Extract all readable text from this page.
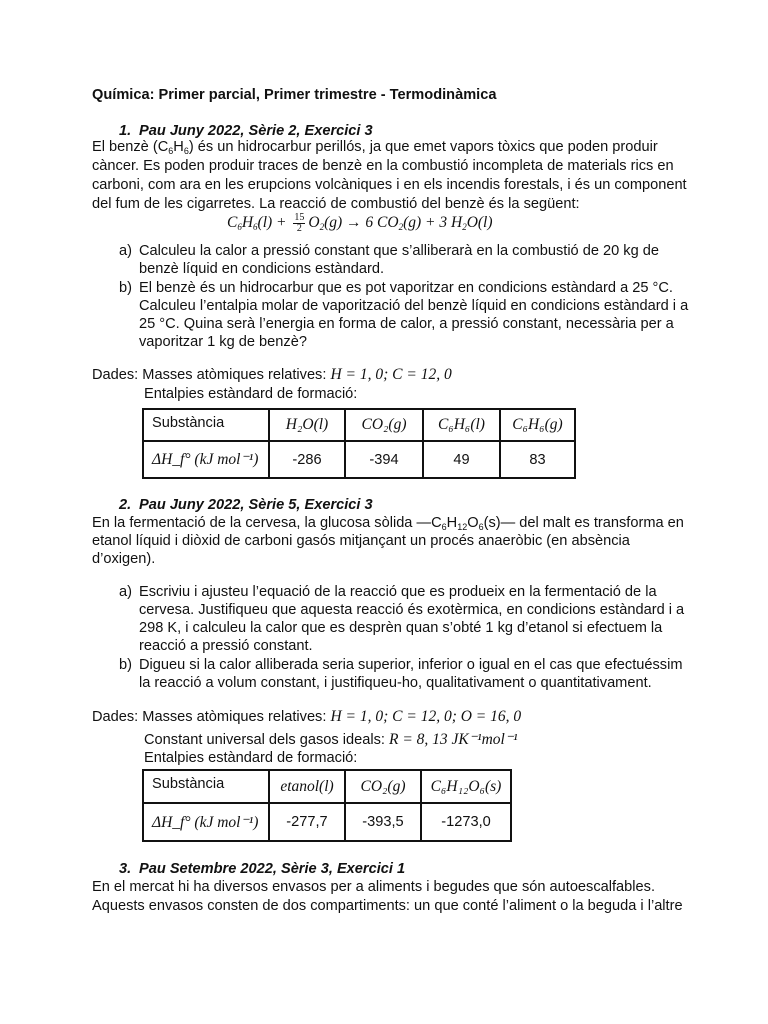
Química: Primer parcial, Primer trimestre - Termodinàmica
1. Pau Juny 2022, Sèrie 2, Exercici 3
El benzè $(C_6H_6)$ és un hidrocarbur perillós, ja que emet vapors tòxics que poden produir
càncer. Es poden produir traces de benzè en la combustió incompleta de materials rics en
carboni, com ara en les erupcions volcàniques i en els incendis forestals, i és un component
del fum de les cigarretes. La reacció de combustió del benzè és la següent:
$C_6H_6(l) + \frac{15}{2} O_2(g) \to 6$ $CO_2(g) + 3$ $H_2O(l)$
a) Calculeu la calor a pressió constant que s’alliberarà en la combustió de 20 kg de
benzè líquid en condicions estàndard.
b) El benzè és un hidrocarbur que es pot vaporitzar en condicions estàndard a 25 °C.
Calculeu l’entalpia molar de vaporització del benzè líquid en condicions estàndard i a
25 °C. Quina serà l’energia en forma de calor, a pressió constant, necessària per a
vaporitzar 1 kg de benzè?
Dades: Masses atòmiques relatives: H = 1, 0; C = 12, 0
Entalpies estàndard de formació:
Substància	H₂O(l)	CO₂(g)	C₆H₆(l)	C₆H₆(g)
ΔH_f° (kJ mol⁻¹)	-286	-394	49	83
2. Pau Juny 2022, Sèrie 5, Exercici 3
En la fermentació de la cervesa, la glucosa sòlida $—C_6H_{12}O_6(s)—$ del malt es transforma en
etanol líquid i diòxid de carboni gasós mitjançant un procés anaeròbic (en absència
d’oxigen).
a) Escriviu i ajusteu l’equació de la reacció que es produeix en la fermentació de la
cervesa. Justifiqueu que aquesta reacció és exotèrmica, en condicions estàndard i a
298 K, i calculeu la calor que es desprèn quan s’obté 1 kg d’etanol si efectuem la
reacció a pressió constant.
b) Digueu si la calor alliberada seria superior, inferior o igual en el cas que efectuéssim
la reacció a volum constant, i justifiqueu-ho, qualitativament o quantitativament.
Dades: Masses atòmiques relatives: H = 1, 0; C = 12, 0; O = 16, 0
Constant universal dels gasos ideals: R = 8, 13 JK⁻¹mol⁻¹
Entalpies estàndard de formació:
Substància	etanol(l)	CO₂(g)	C₆H₁₂O₆(s)
ΔH_f° (kJ mol⁻¹)	-277,7	-393,5	-1273,0
3. Pau Setembre 2022, Sèrie 3, Exercici 1
En el mercat hi ha diversos envasos per a aliments i begudes que són autoescalfables.
Aquests envasos consten de dos compartiments: un que conté l’aliment o la beguda i l’altre
